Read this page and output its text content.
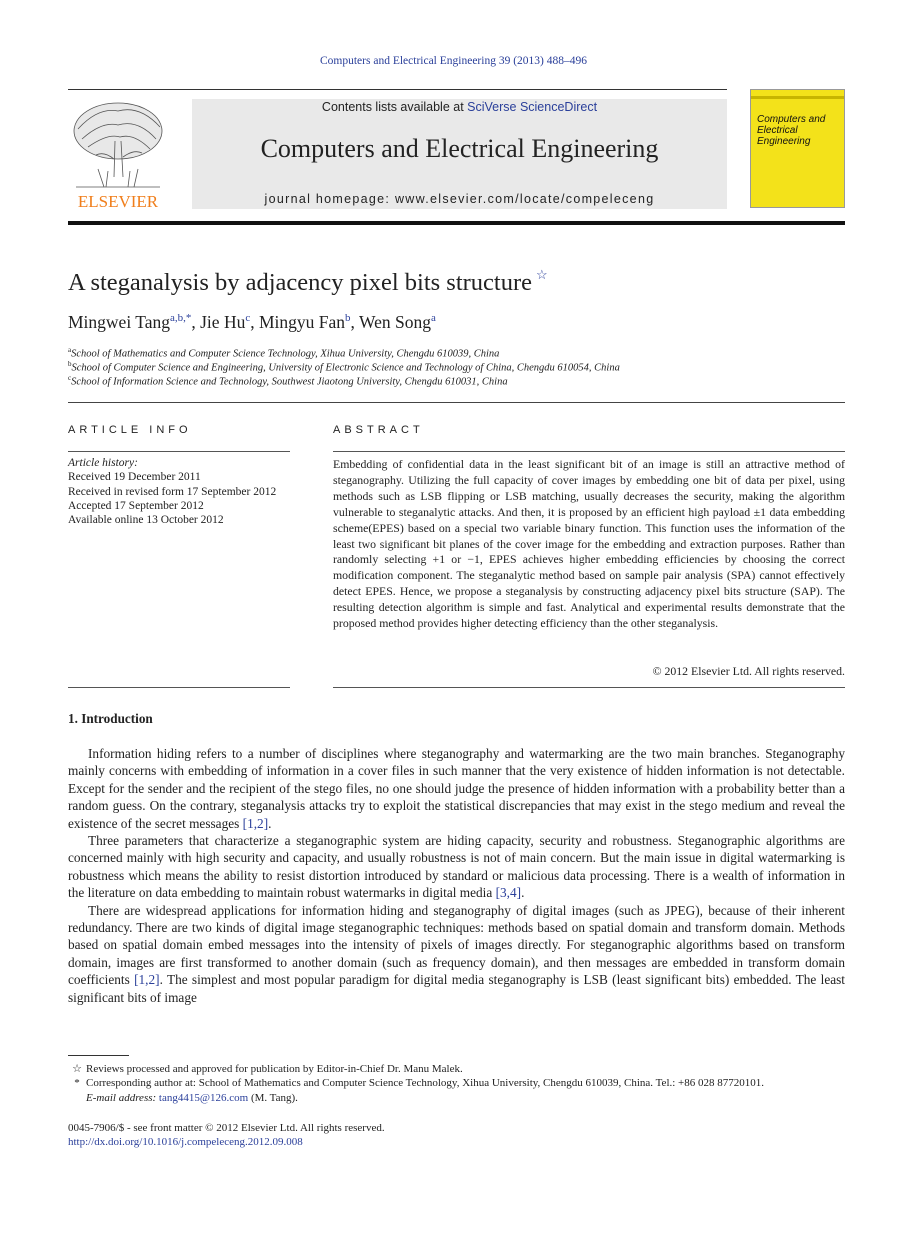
Computers and Electrical Engineering 39 (2013) 488–496
ELSEVIER
Contents lists available at SciVerse ScienceDirect
Computers and Electrical Engineering
journal homepage: www.elsevier.com/locate/compeleceng
Computers and Electrical Engineering
A steganalysis by adjacency pixel bits structure ☆
Mingwei Tang$^{a,b,*}$, Jie Hu$^c$, Mingyu Fan$^b$, Wen Song$^a$
$^a$School of Mathematics and Computer Science Technology, Xihua University, Chengdu 610039, China
$^b$School of Computer Science and Engineering, University of Electronic Science and Technology of China, Chengdu 610054, China
$^c$School of Information Science and Technology, Southwest Jiaotong University, Chengdu 610031, China
ARTICLE INFO	ABSTRACT
Article history:
Received 19 December 2011
Received in revised form 17 September 2012
Accepted 17 September 2012
Available online 13 October 2012
Embedding of confidential data in the least significant bit of an image is still an attractive method of steganography. Utilizing the full capacity of cover images by embedding one bit of data per pixel, using methods such as LSB flipping or LSB matching, usually decreases the security, making the algorithm vulnerable to steganalytic attacks. And then, it is proposed by an efficient high payload ±1 data embedding scheme(EPES) based on a special two variable binary function. This function uses the information of the least two significant bit planes of the cover image for the embedding and extraction purposes. Rather than randomly selecting +1 or −1, EPES achieves higher embedding efficiencies by choosing the correct modification component. The steganalytic method based on sample pair analysis (SPA) cannot effectively detect EPES. Hence, we propose a steganalysis by constructing adjacency pixel bits structure (SAP). The resulting detection algorithm is simple and fast. Analytical and experimental results demonstrate that the proposed method provides higher detecting efficiency than the other steganalysis.
© 2012 Elsevier Ltd. All rights reserved.
1. Introduction

Information hiding refers to a number of disciplines where steganography and watermarking are the two main branches. Steganography mainly concerns with embedding of information in a cover files in such manner that the very existence of hidden information is not detectable. Except for the sender and the recipient of the stego files, no one should judge the presence of hidden information with a probability better than a random guess. On the contrary, steganalysis attacks try to exploit the statistical discrepancies that may exist in the stego medium and reveal the existence of the secret messages [1,2].

Three parameters that characterize a steganographic system are hiding capacity, security and robustness. Steganographic algorithms are concerned mainly with high security and capacity, and usually robustness is not of main concern. But the main issue in digital watermarking is robustness which means the ability to resist distortion introduced by standard or malicious data processing. There is a wealth of information in the literature on data embedding to maintain robust watermarks in digital media [3,4].

There are widespread applications for information hiding and steganography of digital images (such as JPEG), because of their inherent redundancy. There are two kinds of digital image steganographic techniques: methods based on spatial domain and transform domain. Methods based on spatial domain embed messages into the intensity of pixels of images directly. For steganographic algorithms based on transform domain, images are first transformed to another domain (such as frequency domain), and then messages are embedded in transform domain coefficients [1,2]. The simplest and most popular paradigm for digital media steganography is LSB (least significant bits) embedded. The least significant bits of image

☆ Reviews processed and approved for publication by Editor-in-Chief Dr. Manu Malek.
* Corresponding author at: School of Mathematics and Computer Science Technology, Xihua University, Chengdu 610039, China. Tel.: +86 028 87720101.
E-mail address: tang4415@126.com (M. Tang).
0045-7906/$ - see front matter © 2012 Elsevier Ltd. All rights reserved.
http://dx.doi.org/10.1016/j.compeleceng.2012.09.008
